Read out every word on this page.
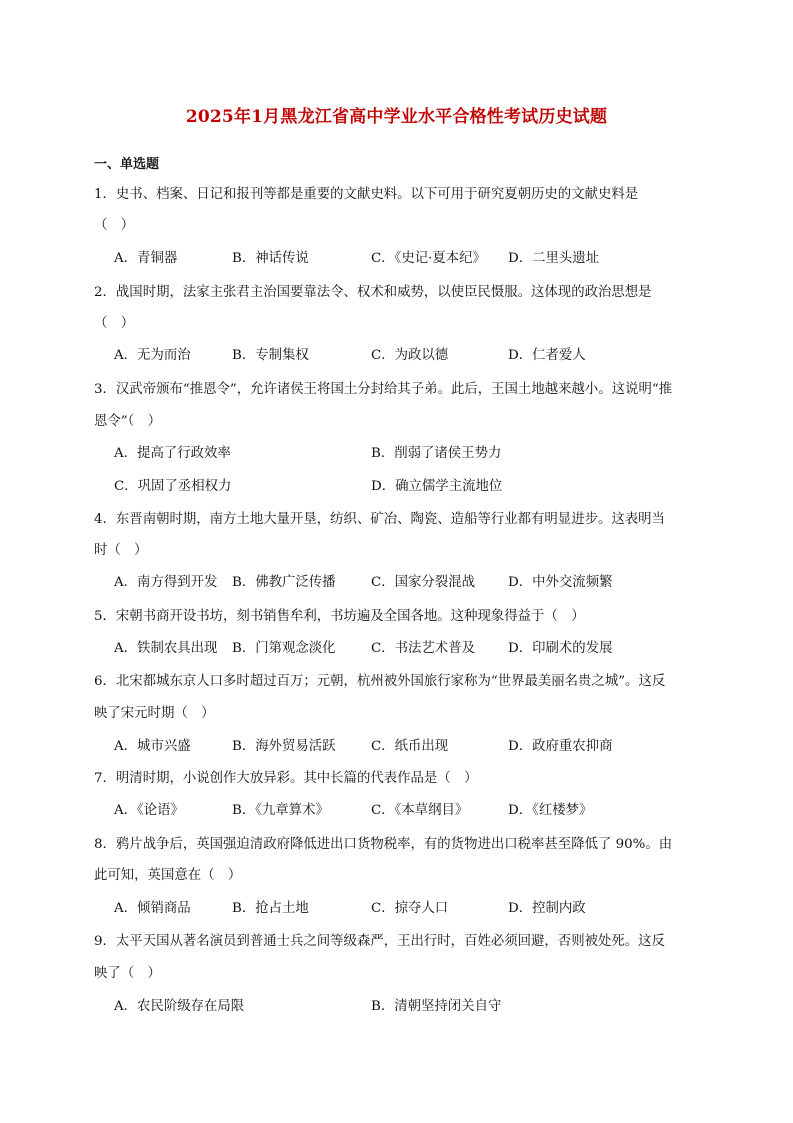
2025年1月黑龙江省高中学业水平合格性考试历史试题
一、单选题
1．史书、档案、日记和报刊等都是重要的文献史料。以下可用于研究夏朝历史的文献史料是
（　）
A．青铜器	B．神话传说	C．《史记·夏本纪》 D．二里头遗址
2．战国时期，法家主张君主治国要靠法令、权术和威势，以使臣民慑服。这体现的政治思想是
（　）
A．无为而治	B．专制集权	C．为政以德	D．仁者爱人
3．汉武帝颁布“推恩令”，允许诸侯王将国土分封给其子弟。此后，王国土地越来越小。这说明“推
恩令”（　）
A．提高了行政效率	B．削弱了诸侯王势力
C．巩固了丞相权力	D．确立儒学主流地位
4．东晋南朝时期，南方土地大量开垦，纺织、矿冶、陶瓷、造船等行业都有明显进步。这表明当
时（　）
A．南方得到开发 B．佛教广泛传播	C．国家分裂混战 D．中外交流频繁
5．宋朝书商开设书坊，刻书销售牟利，书坊遍及全国各地。这种现象得益于（　）
A．铁制农具出现 B．门第观念淡化	C．书法艺术普及 D．印刷术的发展
6．北宋都城东京人口多时超过百万；元朝，杭州被外国旅行家称为“世界最美丽名贵之城”。这反
映了宋元时期（　）
A．城市兴盛	B．海外贸易活跃	C．纸币出现	D．政府重农抑商
7．明清时期，小说创作大放异彩。其中长篇的代表作品是（　）
A．《论语》	B．《九章算术》	C．《本草纲目》	D．《红楼梦》
8．鸦片战争后，英国强迫清政府降低进出口货物税率，有的货物进出口税率甚至降低了 90%。由
此可知，英国意在（　）
A．倾销商品	B．抢占土地	C．掠夺人口	D．控制内政
9．太平天国从著名演员到普通士兵之间等级森严，王出行时，百姓必须回避，否则被处死。这反
映了（　）
A．农民阶级存在局限	B．清朝坚持闭关自守
